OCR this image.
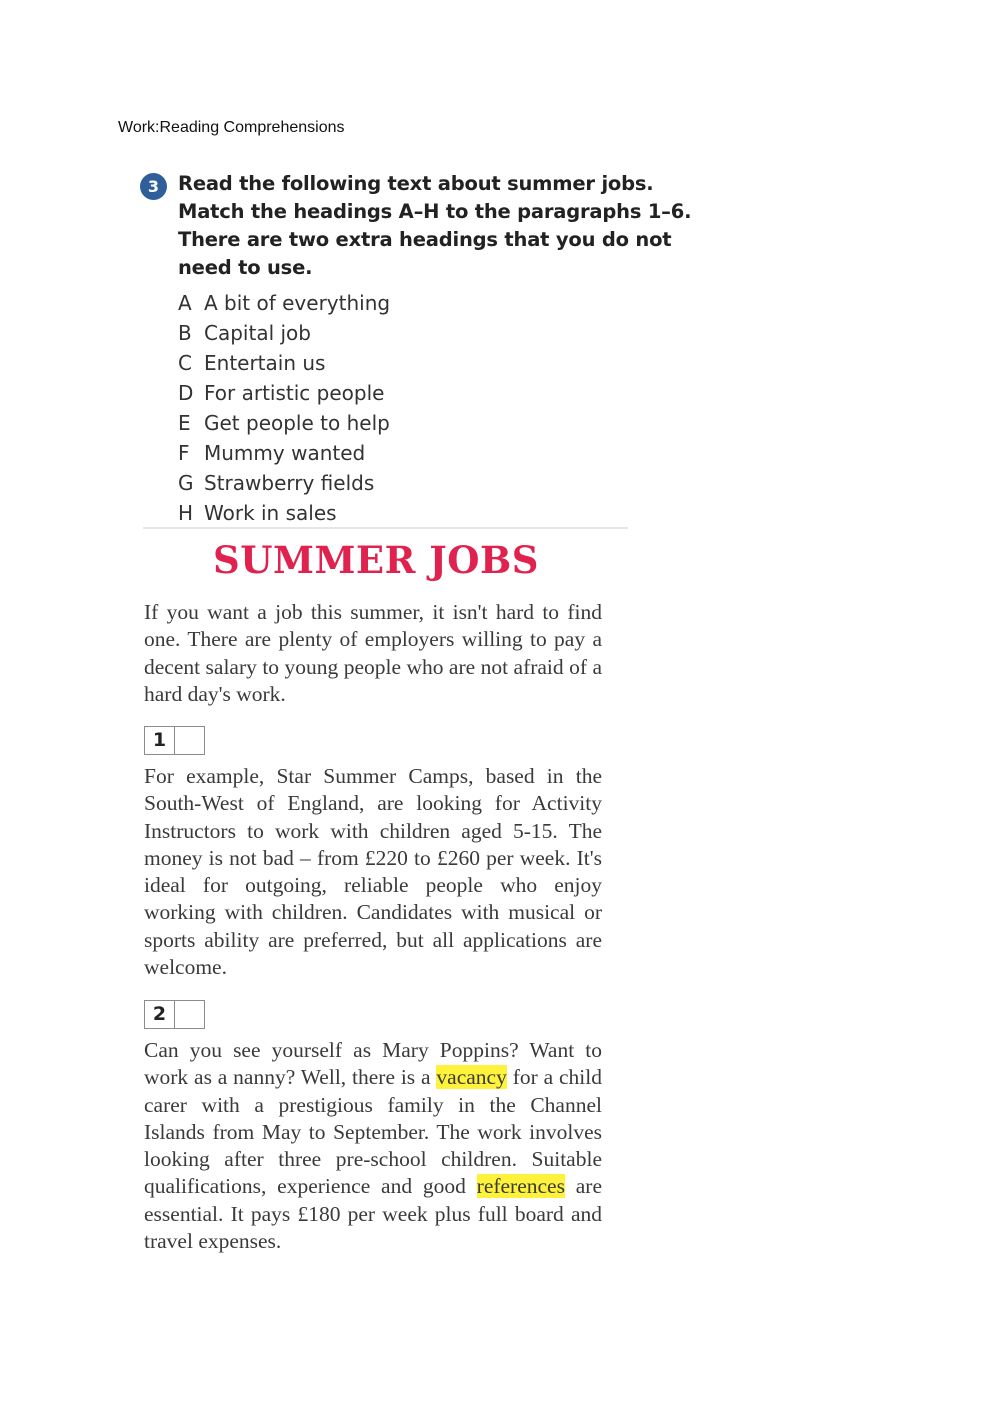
Work:Reading Comprehensions
3 Read the following text about summer jobs. Match the headings A–H to the paragraphs 1–6. There are two extra headings that you do not need to use.
A A bit of everything
B Capital job
C Entertain us
D For artistic people
E Get people to help
F Mummy wanted
G Strawberry fields
H Work in sales
SUMMER JOBS

If you want a job this summer, it isn't hard to find one. There are plenty of employers willing to pay a decent salary to young people who are not afraid of a hard day's work.

1

For example, Star Summer Camps, based in the South-West of England, are looking for Activity Instructors to work with children aged 5-15. The money is not bad – from £220 to £260 per week. It's ideal for outgoing, reliable people who enjoy working with children. Candidates with musical or sports ability are preferred, but all applications are welcome.

2

Can you see yourself as Mary Poppins? Want to work as a nanny? Well, there is a vacancy for a child carer with a prestigious family in the Channel Islands from May to September. The work involves looking after three pre-school children. Suitable qualifications, experience and good references are essential. It pays £180 per week plus full board and travel expenses.
